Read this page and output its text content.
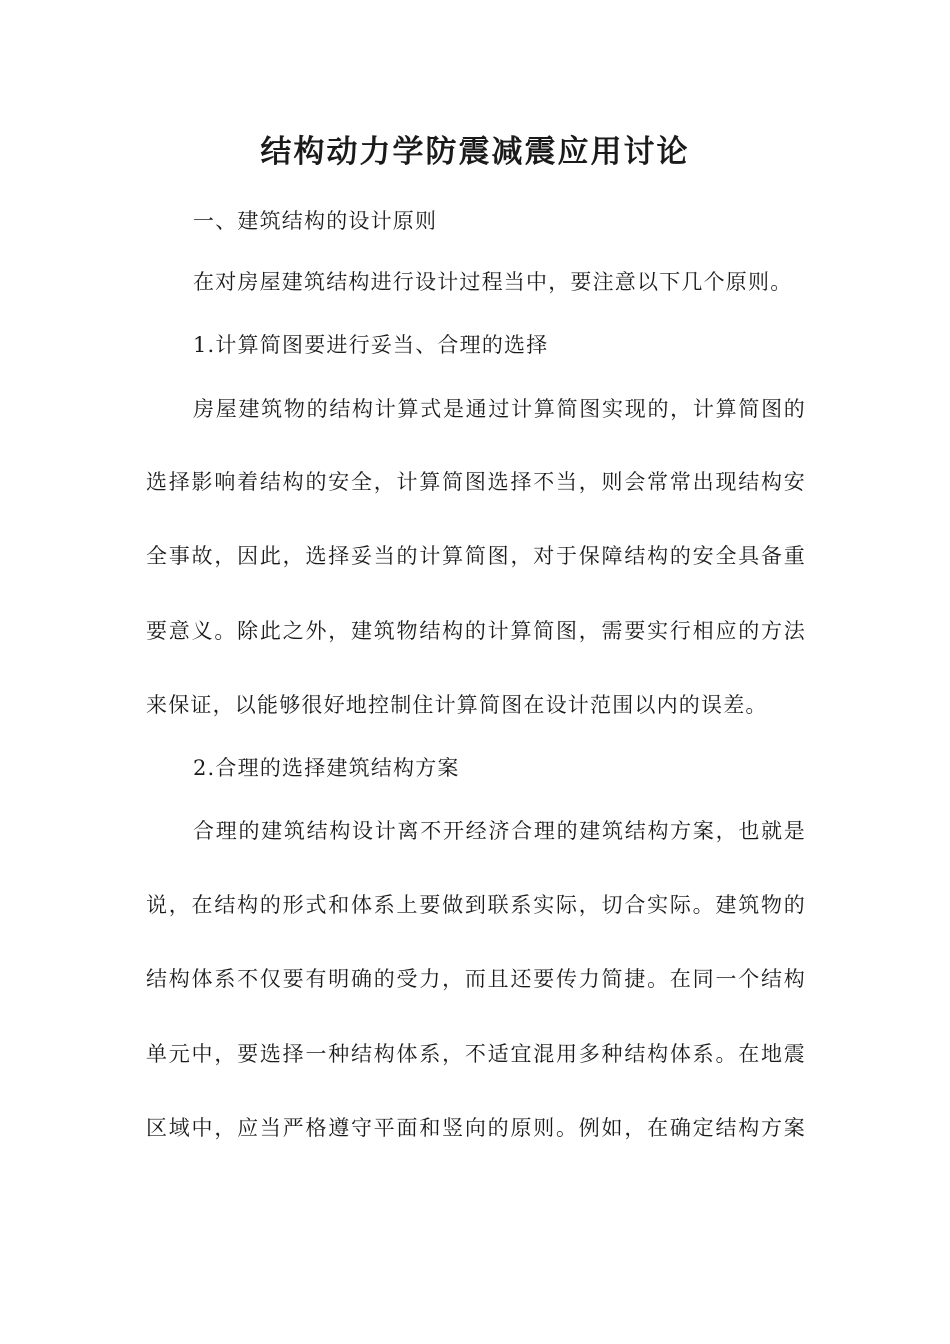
结构动力学防震减震应用讨论
一、建筑结构的设计原则
在对房屋建筑结构进行设计过程当中，要注意以下几个原则。
1.计算简图要进行妥当、合理的选择
房屋建筑物的结构计算式是通过计算简图实现的，计算简图的
选择影响着结构的安全，计算简图选择不当，则会常常出现结构安
全事故，因此，选择妥当的计算简图，对于保障结构的安全具备重
要意义。除此之外，建筑物结构的计算简图，需要实行相应的方法
来保证，以能够很好地控制住计算简图在设计范围以内的误差。
2.合理的选择建筑结构方案
合理的建筑结构设计离不开经济合理的建筑结构方案，也就是
说，在结构的形式和体系上要做到联系实际，切合实际。建筑物的
结构体系不仅要有明确的受力，而且还要传力简捷。在同一个结构
单元中，要选择一种结构体系，不适宜混用多种结构体系。在地震
区域中，应当严格遵守平面和竖向的原则。例如，在确定结构方案
